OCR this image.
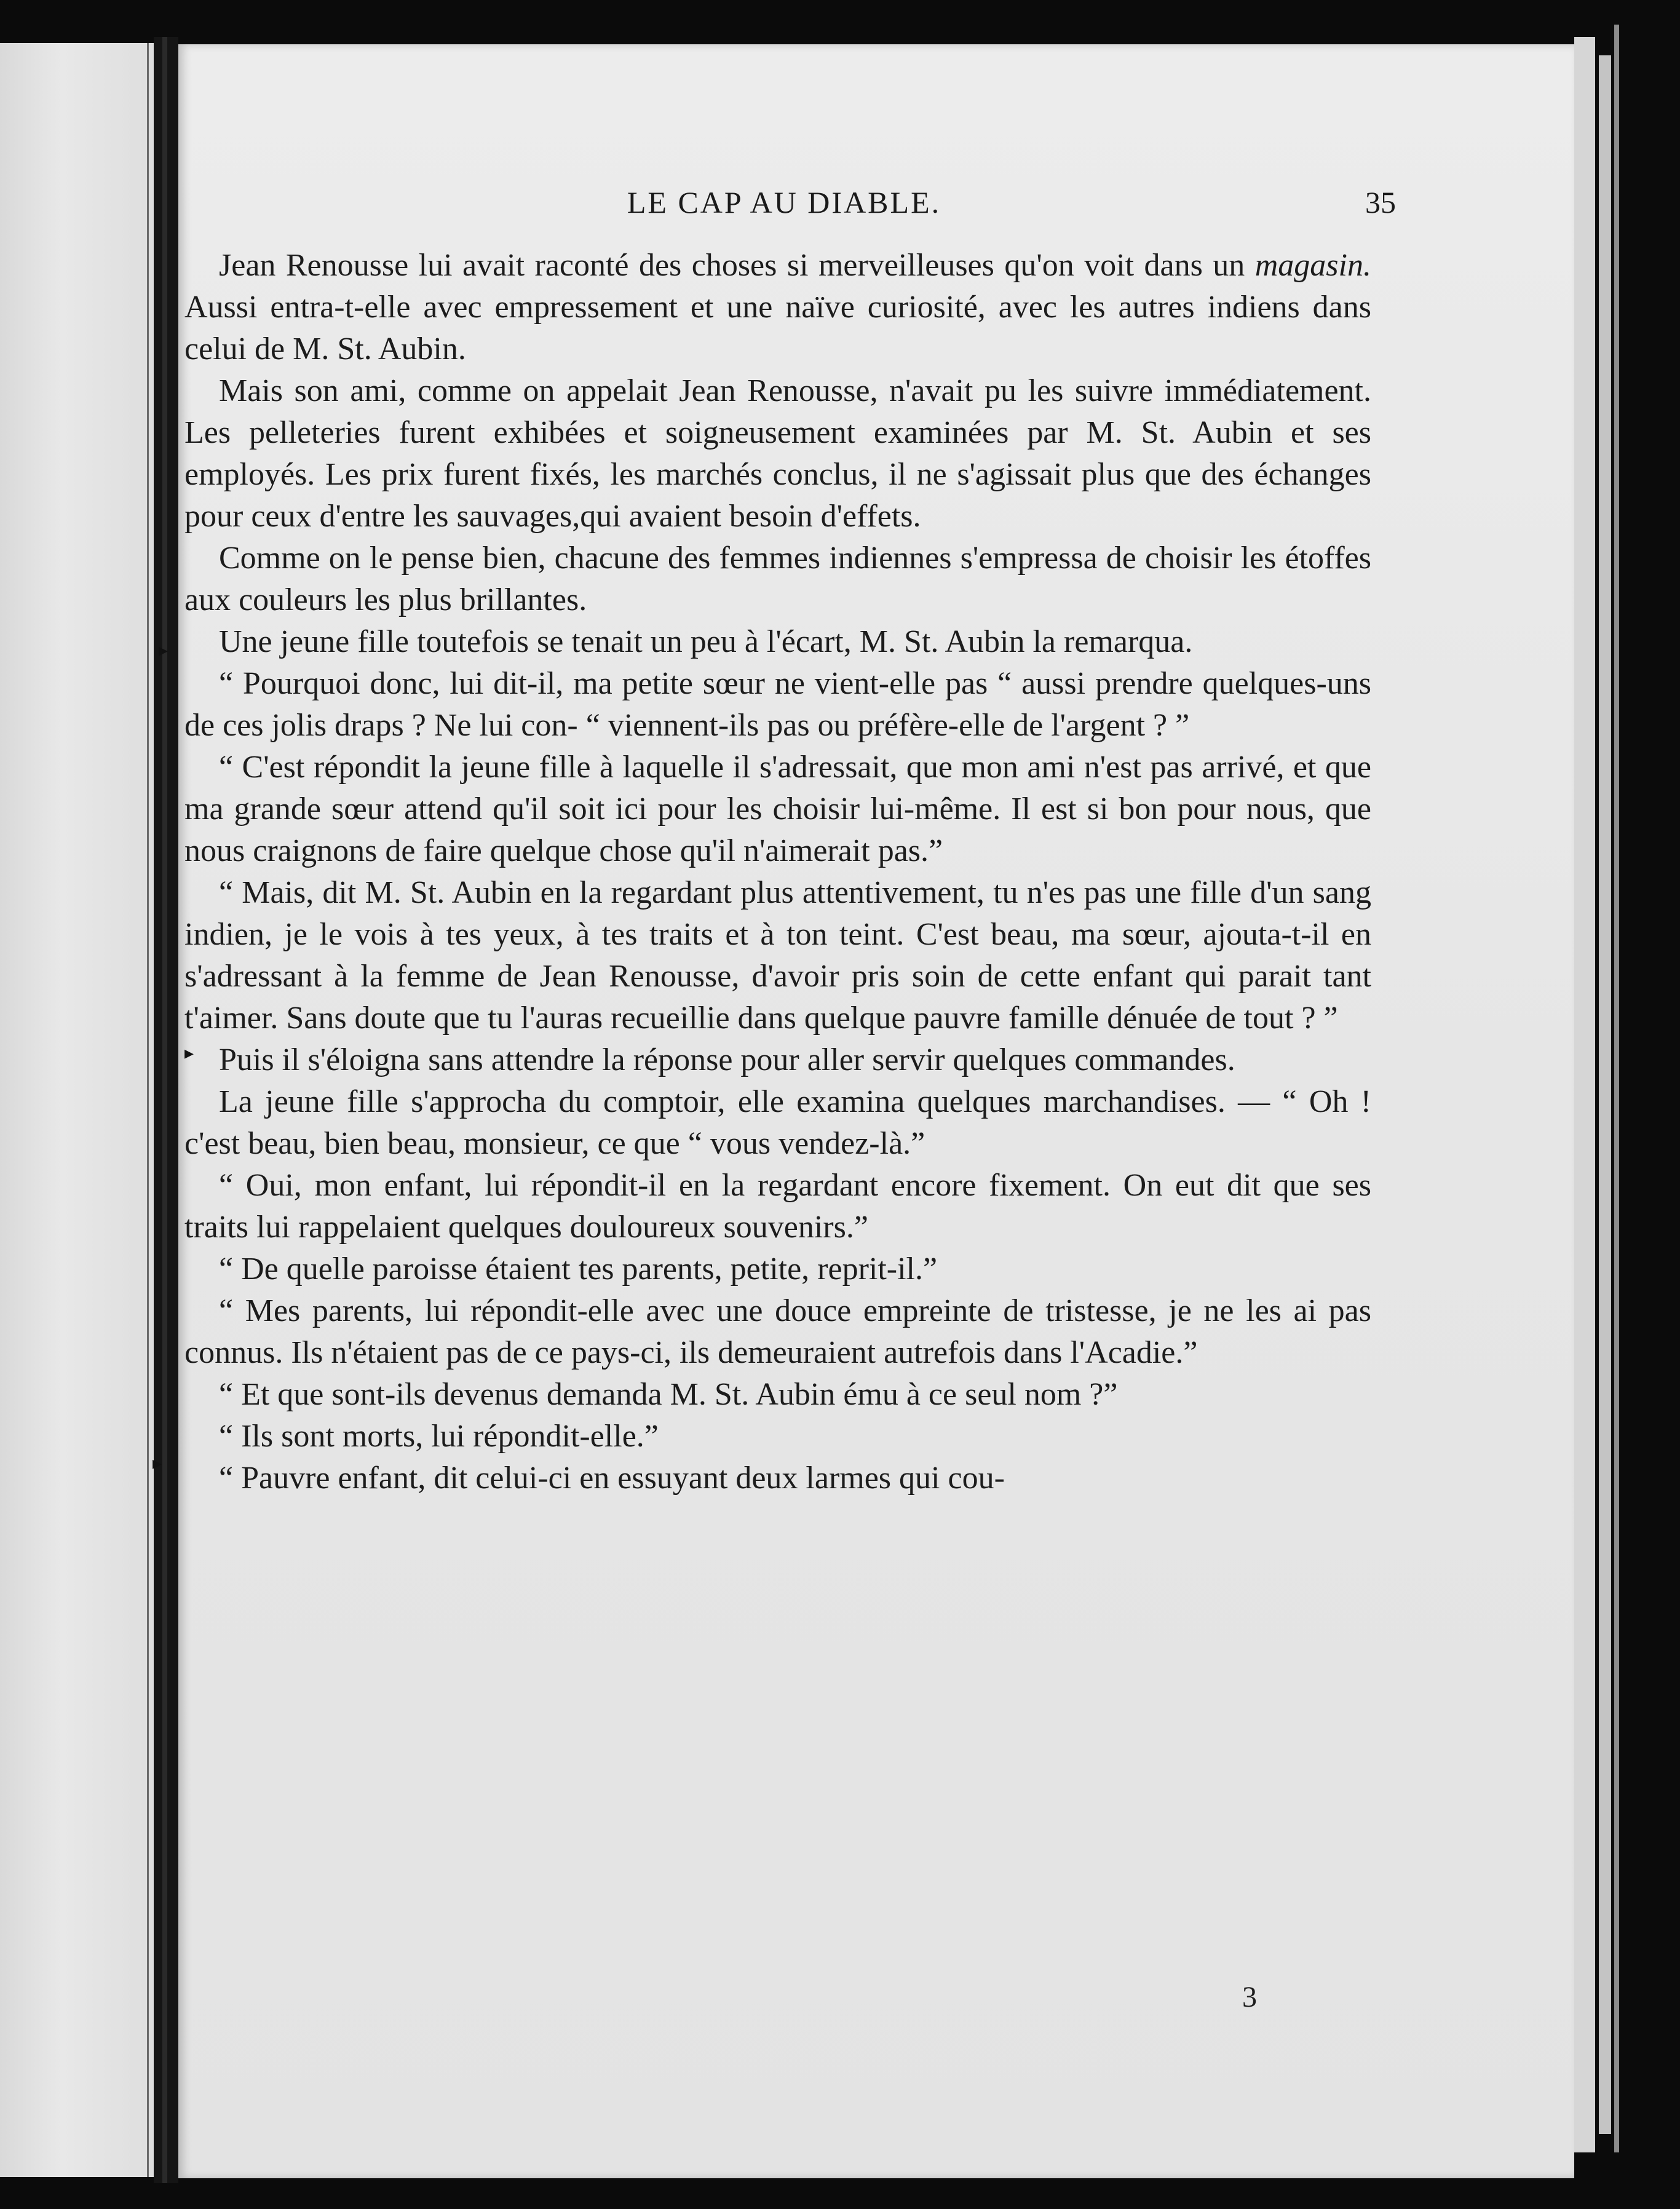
▸
▸
▸
LE CAP AU DIABLE.	35

Jean Renousse lui avait raconté des choses si merveilleuses qu'on voit dans un magasin. Aussi entra-t-elle avec empressement et une naïve curiosité, avec les autres indiens dans celui de M. St. Aubin.

Mais son ami, comme on appelait Jean Renousse, n'avait pu les suivre immédiatement. Les pelleteries furent exhibées et soigneusement examinées par M. St. Aubin et ses employés. Les prix furent fixés, les marchés conclus, il ne s'agissait plus que des échanges pour ceux d'entre les sauvages,qui avaient besoin d'effets.

Comme on le pense bien, chacune des femmes indiennes s'empressa de choisir les étoffes aux couleurs les plus brillantes.

Une jeune fille toutefois se tenait un peu à l'écart, M. St. Aubin la remarqua.

“ Pourquoi donc, lui dit-il, ma petite sœur ne vient-elle pas “ aussi prendre quelques-uns de ces jolis draps ? Ne lui con- “ viennent-ils pas ou préfère-elle de l'argent ? ”

“ C'est répondit la jeune fille à laquelle il s'adressait, que mon ami n'est pas arrivé, et que ma grande sœur attend qu'il soit ici pour les choisir lui-même. Il est si bon pour nous, que nous craignons de faire quelque chose qu'il n'aimerait pas.”

“ Mais, dit M. St. Aubin en la regardant plus attentivement, tu n'es pas une fille d'un sang indien, je le vois à tes yeux, à tes traits et à ton teint. C'est beau, ma sœur, ajouta-t-il en s'adressant à la femme de Jean Renousse, d'avoir pris soin de cette enfant qui parait tant t'aimer. Sans doute que tu l'auras recueillie dans quelque pauvre famille dénuée de tout ? ”

Puis il s'éloigna sans attendre la réponse pour aller servir quelques commandes.

La jeune fille s'approcha du comptoir, elle examina quelques marchandises. — “ Oh ! c'est beau, bien beau, monsieur, ce que “ vous vendez-là.”

“ Oui, mon enfant, lui répondit-il en la regardant encore fixement. On eut dit que ses traits lui rappelaient quelques douloureux souvenirs.”

“ De quelle paroisse étaient tes parents, petite, reprit-il.”

“ Mes parents, lui répondit-elle avec une douce empreinte de tristesse, je ne les ai pas connus. Ils n'étaient pas de ce pays-ci, ils demeuraient autrefois dans l'Acadie.”

“ Et que sont-ils devenus demanda M. St. Aubin ému à ce seul nom ?”

“ Ils sont morts, lui répondit-elle.”

“ Pauvre enfant, dit celui-ci en essuyant deux larmes qui cou-

3
